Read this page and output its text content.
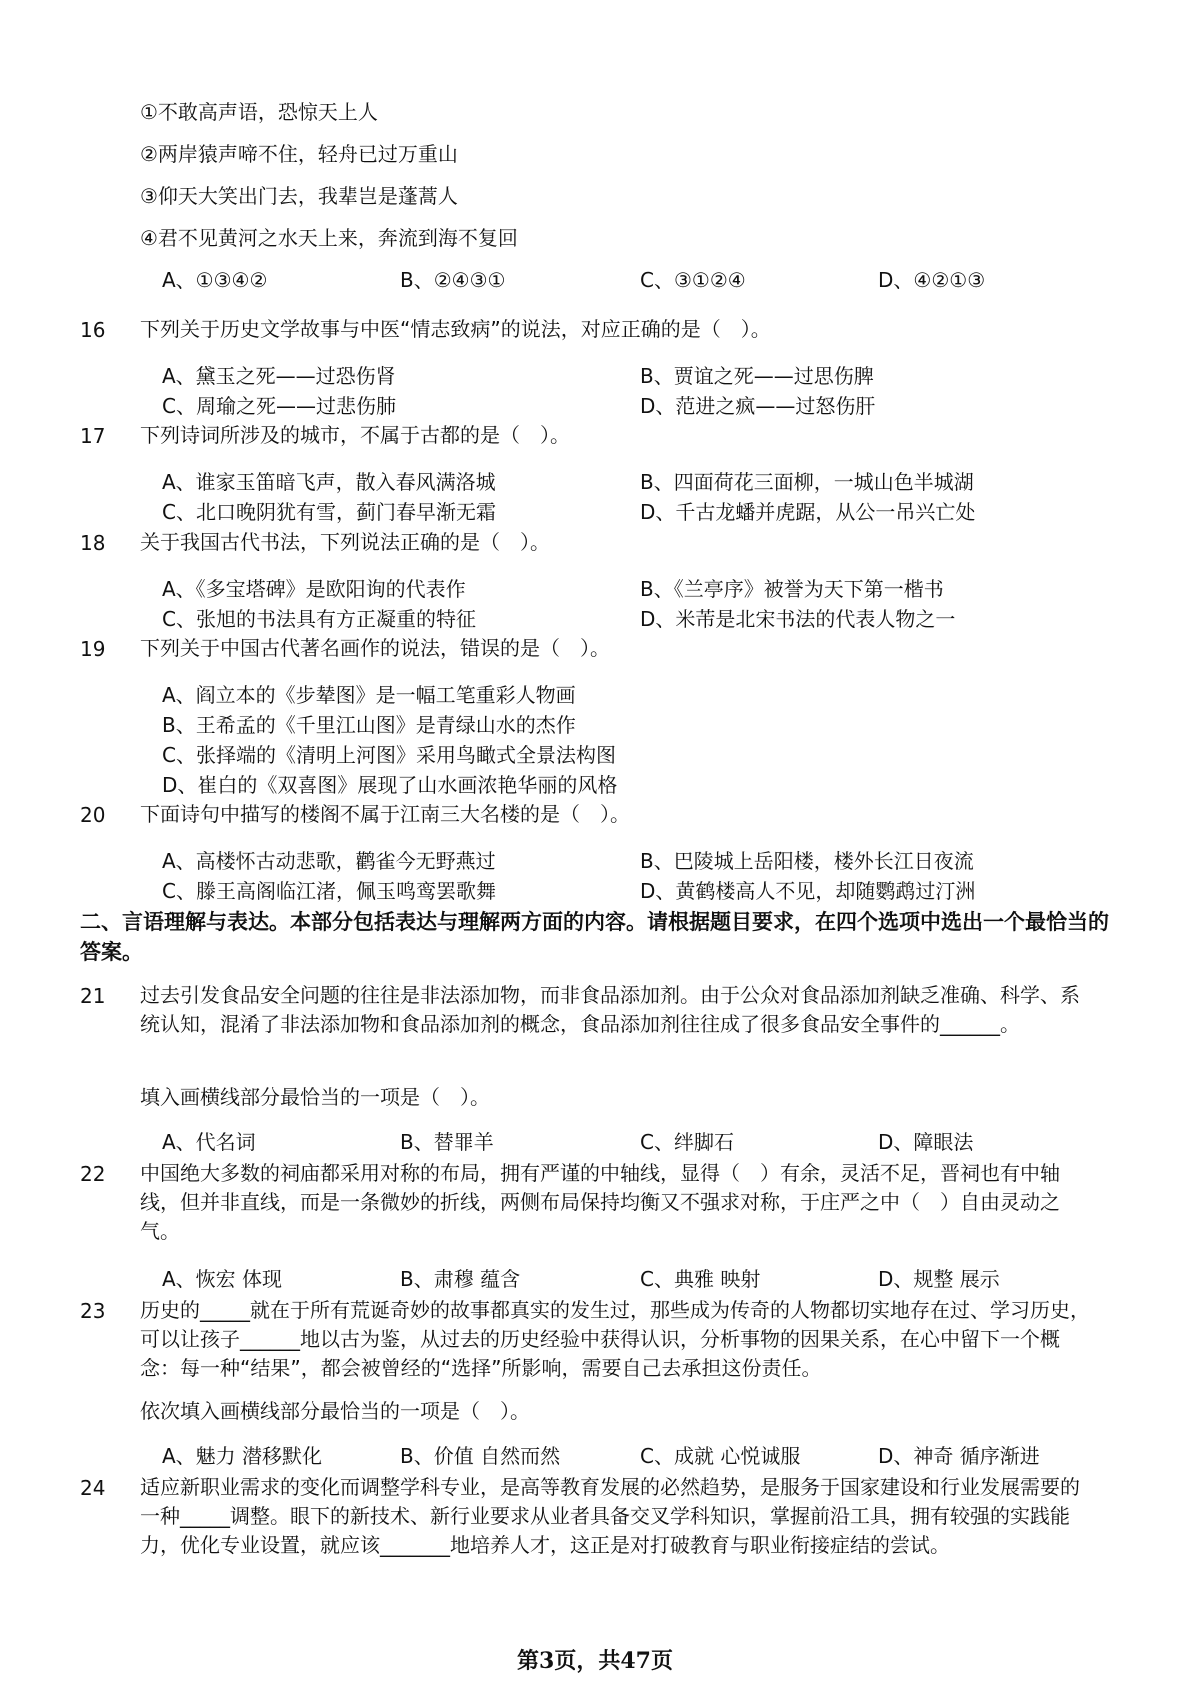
①不敢高声语，恐惊天上人
②两岸猿声啼不住，轻舟已过万重山
③仰天大笑出门去，我辈岂是蓬蒿人
④君不见黄河之水天上来，奔流到海不复回
A、①③④②	B、②④③①	C、③①②④	D、④②①③
16	下列关于历史文学故事与中医“情志致病”的说法，对应正确的是（　）。
A、黛玉之死——过恐伤肾	B、贾谊之死——过思伤脾
C、周瑜之死——过悲伤肺	D、范进之疯——过怒伤肝
17	下列诗词所涉及的城市，不属于古都的是（　）。
A、谁家玉笛暗飞声，散入春风满洛城	B、四面荷花三面柳，一城山色半城湖
C、北口晚阴犹有雪，蓟门春早渐无霜	D、千古龙蟠并虎踞，从公一吊兴亡处
18	关于我国古代书法，下列说法正确的是（　）。
A、《多宝塔碑》是欧阳询的代表作	B、《兰亭序》被誉为天下第一楷书
C、张旭的书法具有方正凝重的特征	D、米芾是北宋书法的代表人物之一
19	下列关于中国古代著名画作的说法，错误的是（　）。
A、阎立本的《步辇图》是一幅工笔重彩人物画
B、王希孟的《千里江山图》是青绿山水的杰作
C、张择端的《清明上河图》采用鸟瞰式全景法构图
D、崔白的《双喜图》展现了山水画浓艳华丽的风格
20	下面诗句中描写的楼阁不属于江南三大名楼的是（　）。
A、高楼怀古动悲歌，鹳雀今无野燕过	B、巴陵城上岳阳楼，楼外长江日夜流
C、滕王高阁临江渚，佩玉鸣鸾罢歌舞	D、黄鹤楼高人不见，却随鹦鹉过汀洲
二、言语理解与表达。本部分包括表达与理解两方面的内容。请根据题目要求，在四个选项中选出一个最恰当的答案。
21	过去引发食品安全问题的往往是非法添加物，而非食品添加剂。由于公众对食品添加剂缺乏准确、科学、系统认知，混淆了非法添加物和食品添加剂的概念，食品添加剂往往成了很多食品安全事件的______。
填入画横线部分最恰当的一项是（　）。
A、代名词	B、替罪羊	C、绊脚石	D、障眼法
22	中国绝大多数的祠庙都采用对称的布局，拥有严谨的中轴线，显得（　）有余，灵活不足，晋祠也有中轴线，但并非直线，而是一条微妙的折线，两侧布局保持均衡又不强求对称，于庄严之中（　）自由灵动之气。
A、恢宏 体现	B、肃穆 蕴含	C、典雅 映射	D、规整 展示
23	历史的_____就在于所有荒诞奇妙的故事都真实的发生过，那些成为传奇的人物都切实地存在过、学习历史，可以让孩子______地以古为鉴，从过去的历史经验中获得认识，分析事物的因果关系，在心中留下一个概念：每一种“结果”，都会被曾经的“选择”所影响，需要自己去承担这份责任。
依次填入画横线部分最恰当的一项是（　）。
A、魅力 潜移默化	B、价值 自然而然	C、成就 心悦诚服	D、神奇 循序渐进
24	适应新职业需求的变化而调整学科专业，是高等教育发展的必然趋势，是服务于国家建设和行业发展需要的一种_____调整。眼下的新技术、新行业要求从业者具备交叉学科知识，掌握前沿工具，拥有较强的实践能力，优化专业设置，就应该_______地培养人才，这正是对打破教育与职业衔接症结的尝试。
第3页，共47页
